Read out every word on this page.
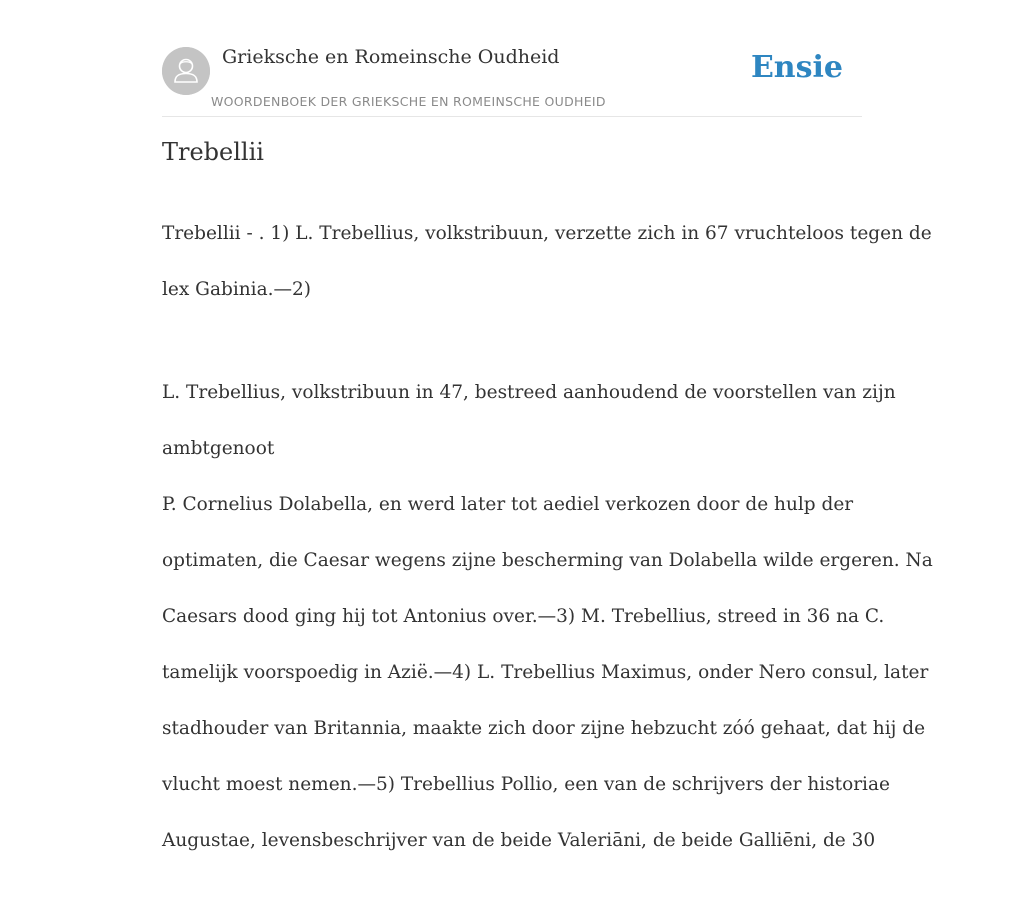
Grieksche en Romeinsche Oudheid
WOORDENBOEK DER GRIEKSCHE EN ROMEINSCHE OUDHEID
Ensie
Trebellii

Trebellii - . 1) L. Trebellius, volkstribuun, verzette zich in 67 vruchteloos tegen de

lex Gabinia.—2)

L. Trebellius, volkstribuun in 47, bestreed aanhoudend de voorstellen van zijn

ambtgenoot

P. Cornelius Dolabella, en werd later tot aediel verkozen door de hulp der

optimaten, die Caesar wegens zijne bescherming van Dolabella wilde ergeren. Na

Caesars dood ging hij tot Antonius over.—3) M. Trebellius, streed in 36 na C.

tamelijk voorspoedig in Azië.—4) L. Trebellius Maximus, onder Nero consul, later

stadhouder van Britannia, maakte zich door zijne hebzucht zóó gehaat, dat hij de

vlucht moest nemen.—5) Trebellius Pollio, een van de schrijvers der historiae

Augustae, levensbeschrijver van de beide Valeriāni, de beide Galliēni, de 30
